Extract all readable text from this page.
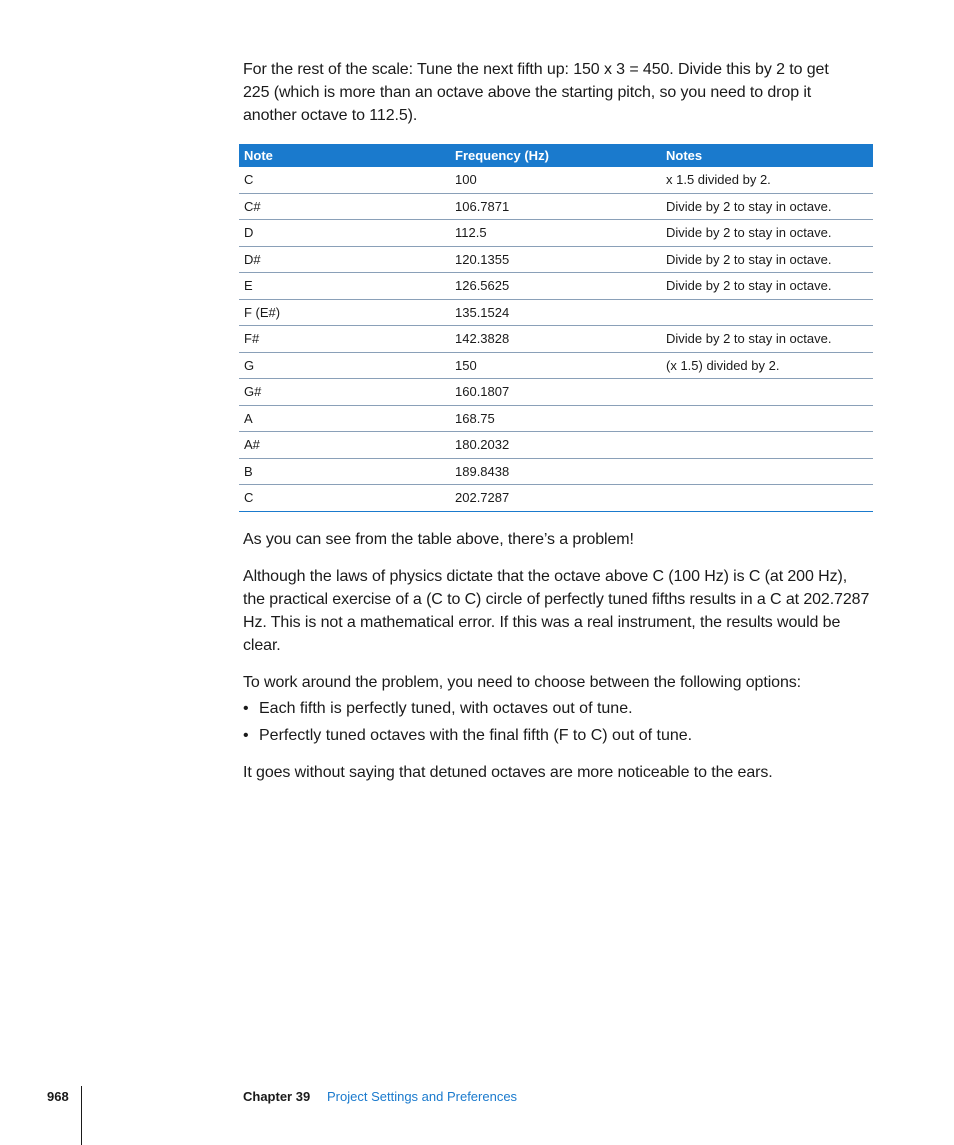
For the rest of the scale: Tune the next fifth up: 150 x 3 = 450. Divide this by 2 to get 225 (which is more than an octave above the starting pitch, so you need to drop it another octave to 112.5).

Note	Frequency (Hz)	Notes
C	100	x 1.5 divided by 2.
C#	106.7871	Divide by 2 to stay in octave.
D	112.5	Divide by 2 to stay in octave.
D#	120.1355	Divide by 2 to stay in octave.
E	126.5625	Divide by 2 to stay in octave.
F (E#)	135.1524	
F#	142.3828	Divide by 2 to stay in octave.
G	150	(x 1.5) divided by 2.
G#	160.1807	
A	168.75	
A#	180.2032	
B	189.8438	
C	202.7287	

As you can see from the table above, there’s a problem!

Although the laws of physics dictate that the octave above C (100 Hz) is C (at 200 Hz), the practical exercise of a (C to C) circle of perfectly tuned fifths results in a C at 202.7287 Hz. This is not a mathematical error. If this was a real instrument, the results would be clear.

To work around the problem, you need to choose between the following options:

• Each fifth is perfectly tuned, with octaves out of tune.
• Perfectly tuned octaves with the final fifth (F to C) out of tune.

It goes without saying that detuned octaves are more noticeable to the ears.

968	Chapter 39 Project Settings and Preferences
